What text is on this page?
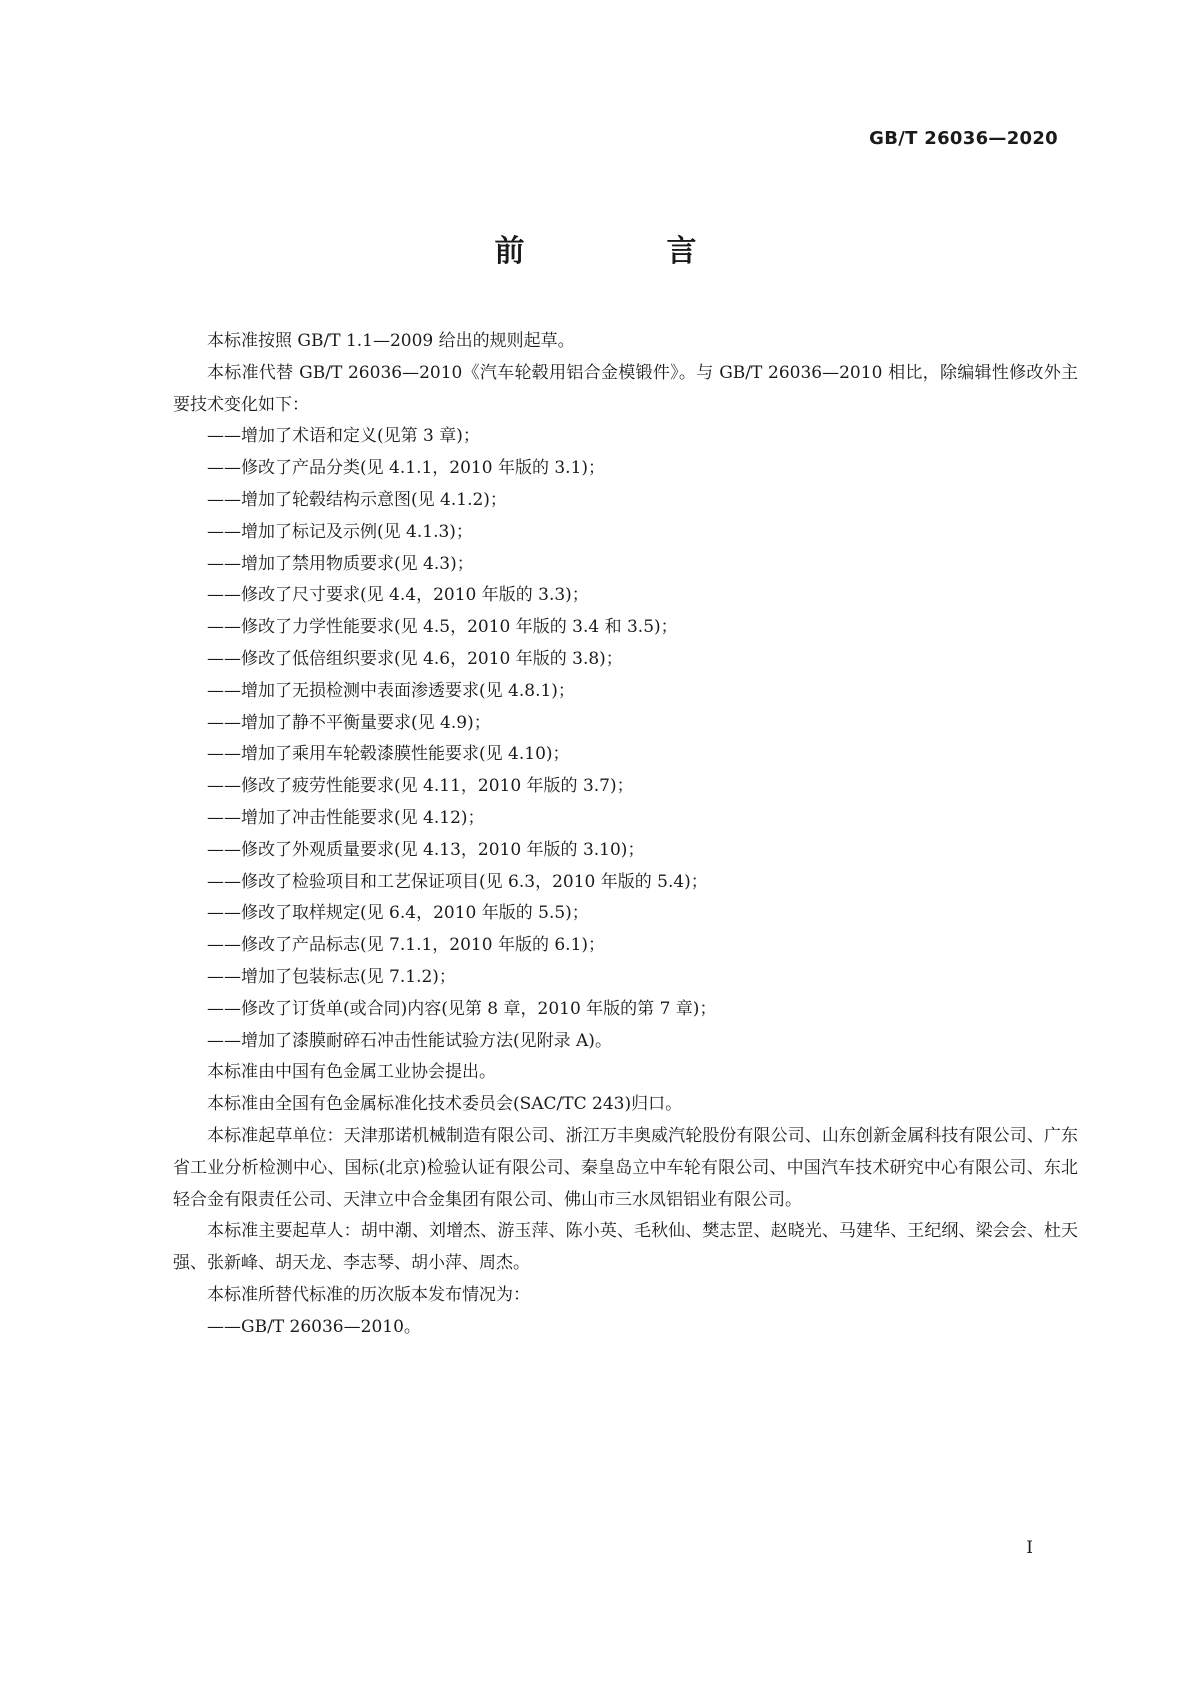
GB/T 26036—2020
前　言

本标准按照 GB/T 1.1—2009 给出的规则起草。

本标准代替 GB/T 26036—2010《汽车轮毂用铝合金模锻件》。与 GB/T 26036—2010 相比，除编辑性修改外主要技术变化如下：

——增加了术语和定义(见第 3 章)；

——修改了产品分类(见 4.1.1，2010 年版的 3.1)；

——增加了轮毂结构示意图(见 4.1.2)；

——增加了标记及示例(见 4.1.3)；

——增加了禁用物质要求(见 4.3)；

——修改了尺寸要求(见 4.4，2010 年版的 3.3)；

——修改了力学性能要求(见 4.5，2010 年版的 3.4 和 3.5)；

——修改了低倍组织要求(见 4.6，2010 年版的 3.8)；

——增加了无损检测中表面渗透要求(见 4.8.1)；

——增加了静不平衡量要求(见 4.9)；

——增加了乘用车轮毂漆膜性能要求(见 4.10)；

——修改了疲劳性能要求(见 4.11，2010 年版的 3.7)；

——增加了冲击性能要求(见 4.12)；

——修改了外观质量要求(见 4.13，2010 年版的 3.10)；

——修改了检验项目和工艺保证项目(见 6.3，2010 年版的 5.4)；

——修改了取样规定(见 6.4，2010 年版的 5.5)；

——修改了产品标志(见 7.1.1，2010 年版的 6.1)；

——增加了包装标志(见 7.1.2)；

——修改了订货单(或合同)内容(见第 8 章，2010 年版的第 7 章)；

——增加了漆膜耐碎石冲击性能试验方法(见附录 A)。

本标准由中国有色金属工业协会提出。

本标准由全国有色金属标准化技术委员会(SAC/TC 243)归口。

本标准起草单位：天津那诺机械制造有限公司、浙江万丰奥威汽轮股份有限公司、山东创新金属科技有限公司、广东省工业分析检测中心、国标(北京)检验认证有限公司、秦皇岛立中车轮有限公司、中国汽车技术研究中心有限公司、东北轻合金有限责任公司、天津立中合金集团有限公司、佛山市三水凤铝铝业有限公司。

本标准主要起草人：胡中潮、刘增杰、游玉萍、陈小英、毛秋仙、樊志罡、赵晓光、马建华、王纪纲、梁会会、杜天强、张新峰、胡天龙、李志琴、胡小萍、周杰。

本标准所替代标准的历次版本发布情况为：

——GB/T 26036—2010。

I
